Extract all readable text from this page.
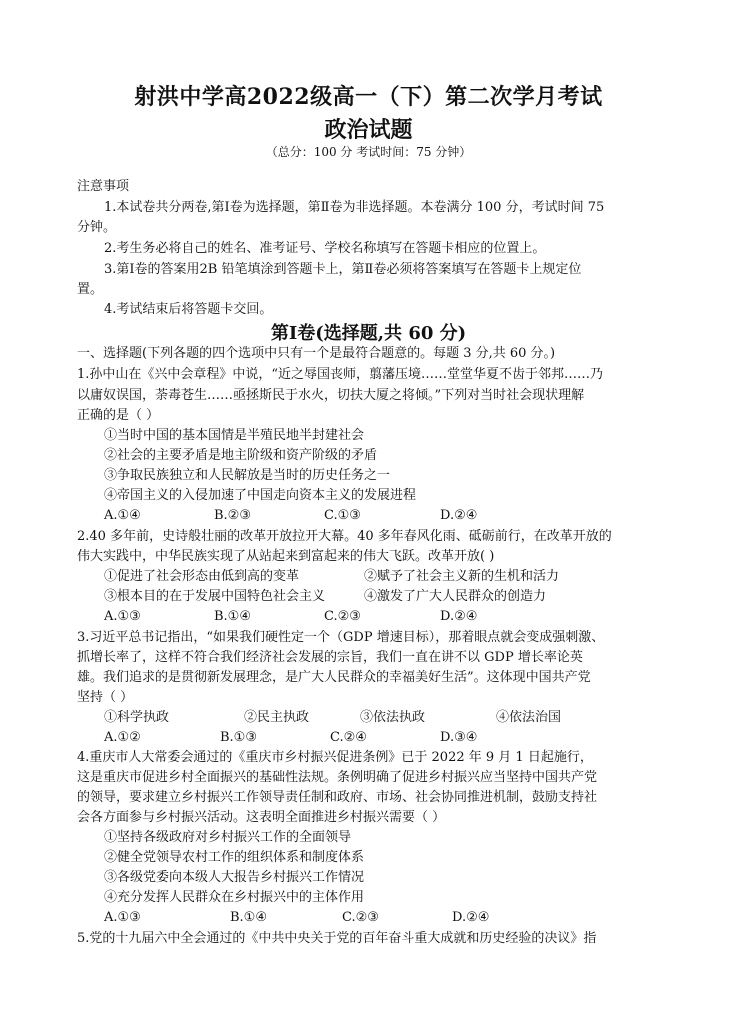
射洪中学高2022级高一（下）第二次学月考试
政治试题
（总分：100 分 考试时间：75 分钟）
注意事项
1.本试卷共分两卷,第Ⅰ卷为选择题，第Ⅱ卷为非选择题。本卷满分 100 分，考试时间 75
分钟。
2.考生务必将自己的姓名、准考证号、学校名称填写在答题卡相应的位置上。
3.第Ⅰ卷的答案用2B 铅笔填涂到答题卡上，第Ⅱ卷必须将答案填写在答题卡上规定位
置。
4.考试结束后将答题卡交回。
第Ⅰ卷(选择题,共 60 分)
一、选择题(下列各题的四个选项中只有一个是最符合题意的。每题 3 分,共 60 分。)
1.孙中山在《兴中会章程》中说，“近之辱国丧师，翦藩压境……堂堂华夏不齿于邻邦……乃
以庸奴误国，荼毒苍生……亟拯斯民于水火，切扶大厦之将倾。”下列对当时社会现状理解
正确的是（ ）
①当时中国的基本国情是半殖民地半封建社会
②社会的主要矛盾是地主阶级和资产阶级的矛盾
③争取民族独立和人民解放是当时的历史任务之一
④帝国主义的入侵加速了中国走向资本主义的发展进程
A.①④	B.②③	C.①③	D.②④
2.40 多年前，史诗般壮丽的改革开放拉开大幕。40 多年春风化雨、砥砺前行，在改革开放的
伟大实践中，中华民族实现了从站起来到富起来的伟大飞跃。改革开放( )
①促进了社会形态由低到高的变革	②赋予了社会主义新的生机和活力
③根本目的在于发展中国特色社会主义	④激发了广大人民群众的创造力
A.①③	B.①④	C.②③	D.②④
3.习近平总书记指出，“如果我们硬性定一个（GDP 增速目标），那着眼点就会变成强刺激、
抓增长率了，这样不符合我们经济社会发展的宗旨，我们一直在讲不以 GDP 增长率论英
雄。我们追求的是贯彻新发展理念，是广大人民群众的幸福美好生活”。这体现中国共产党
坚持（ ）
①科学执政	②民主执政	③依法执政	④依法治国
A.①②	B.①③	C.②④	D.③④
4.重庆市人大常委会通过的《重庆市乡村振兴促进条例》已于 2022 年 9 月 1 日起施行，
这是重庆市促进乡村全面振兴的基础性法规。条例明确了促进乡村振兴应当坚持中国共产党
的领导，要求建立乡村振兴工作领导责任制和政府、市场、社会协同推进机制，鼓励支持社
会各方面参与乡村振兴活动。这表明全面推进乡村振兴需要（ ）
①坚持各级政府对乡村振兴工作的全面领导
②健全党领导农村工作的组织体系和制度体系
③各级党委向本级人大报告乡村振兴工作情况
④充分发挥人民群众在乡村振兴中的主体作用
A.①③	B.①④	C.②③	D.②④
5.党的十九届六中全会通过的《中共中央关于党的百年奋斗重大成就和历史经验的决议》指
